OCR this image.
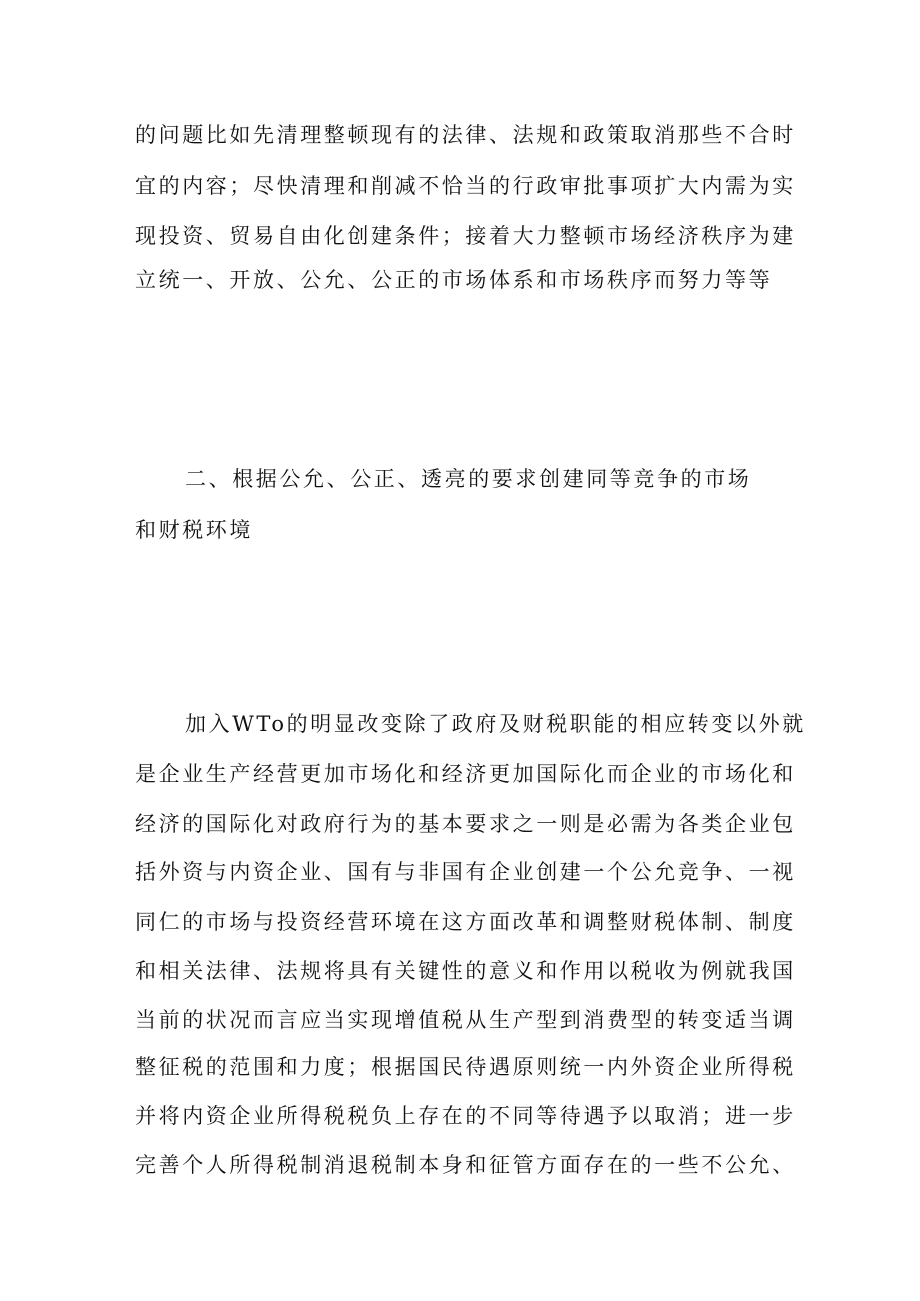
的问题比如先清理整顿现有的法律、法规和政策取消那些不合时
宜的内容；尽快清理和削减不恰当的行政审批事项扩大内需为实
现投资、贸易自由化创建条件；接着大力整顿市场经济秩序为建
立统一、开放、公允、公正的市场体系和市场秩序而努力等等
二、根据公允、公正、透亮的要求创建同等竞争的市场
和财税环境
加入WTo的明显改变除了政府及财税职能的相应转变以外就
是企业生产经营更加市场化和经济更加国际化而企业的市场化和
经济的国际化对政府行为的基本要求之一则是必需为各类企业包
括外资与内资企业、国有与非国有企业创建一个公允竞争、一视
同仁的市场与投资经营环境在这方面改革和调整财税体制、制度
和相关法律、法规将具有关键性的意义和作用以税收为例就我国
当前的状况而言应当实现增值税从生产型到消费型的转变适当调
整征税的范围和力度；根据国民待遇原则统一内外资企业所得税
并将内资企业所得税税负上存在的不同等待遇予以取消；进一步
完善个人所得税制消退税制本身和征管方面存在的一些不公允、
